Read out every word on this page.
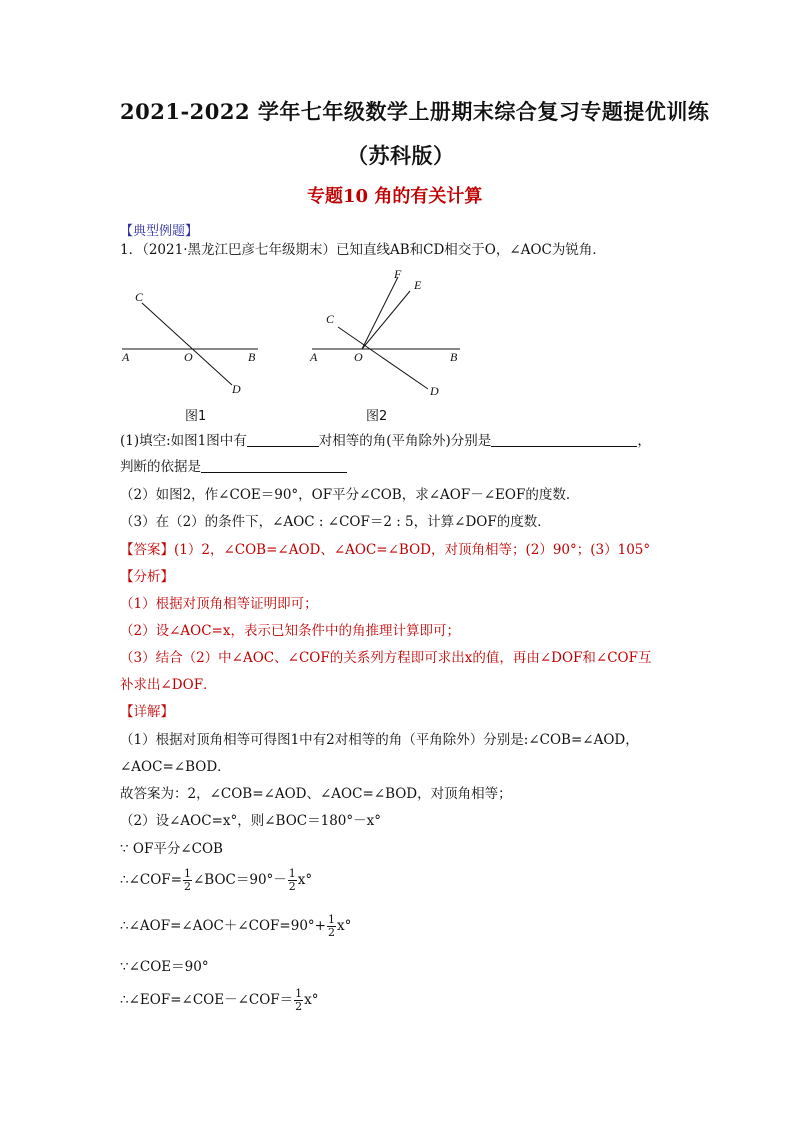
2021-2022 学年七年级数学上册期末综合复习专题提优训练
（苏科版）
专题10 角的有关计算
【典型例题】
1．（2021·黑龙江巴彦七年级期末）已知直线AB和CD相交于O，∠AOC为锐角．
C
A	O	B
D
图1
F
E
C
A	O	B
D
图2
(1)填空:如图1图中有	对相等的角(平角除外)分别是	，
判断的依据是
（2）如图2，作∠COE＝90°，OF平分∠COB，求∠AOF－∠EOF的度数．
（3）在（2）的条件下，∠AOC : ∠COF＝2 : 5，计算∠DOF的度数．
【答案】(1）2，∠COB=∠AOD、∠AOC=∠BOD，对顶角相等；(2）90°；(3）105°
【分析】
（1）根据对顶角相等证明即可；
（2）设∠AOC=x，表示已知条件中的角推理计算即可；
（3）结合（2）中∠AOC、∠COF的关系列方程即可求出x的值，再由∠DOF和∠COF互
补求出∠DOF．
【详解】
（1）根据对顶角相等可得图1中有2对相等的角（平角除外）分别是:∠COB=∠AOD，
∠AOC=∠BOD．
故答案为：2，∠COB=∠AOD、∠AOC=∠BOD，对顶角相等；
（2）设∠AOC=x°，则∠BOC＝180°－x°
∵ OF平分∠COB
∴∠COF= $\frac{1}{2}$ ∠BOC＝90°－ $\frac{1}{2} x^\circ$
∴∠AOF=∠AOC＋∠COF=90°+ $\frac{1}{2} x^\circ$
∵∠COE＝90°
∴∠EOF=∠COE－∠COF＝ $\frac{1}{2} x^\circ$
